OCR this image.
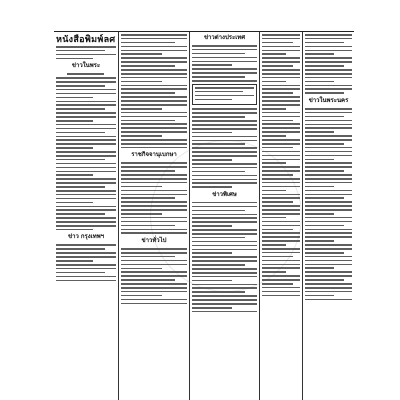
หนังสือพิมพ์ลศ
ข่าวในพระ
ข่าว กรุงเทพฯ
ราชกิจจานุเบกษา
ข่าวทั่วไป
ข่าวต่างประเทศ
ข่าวพิเศษ
ข่าวในพระนคร
